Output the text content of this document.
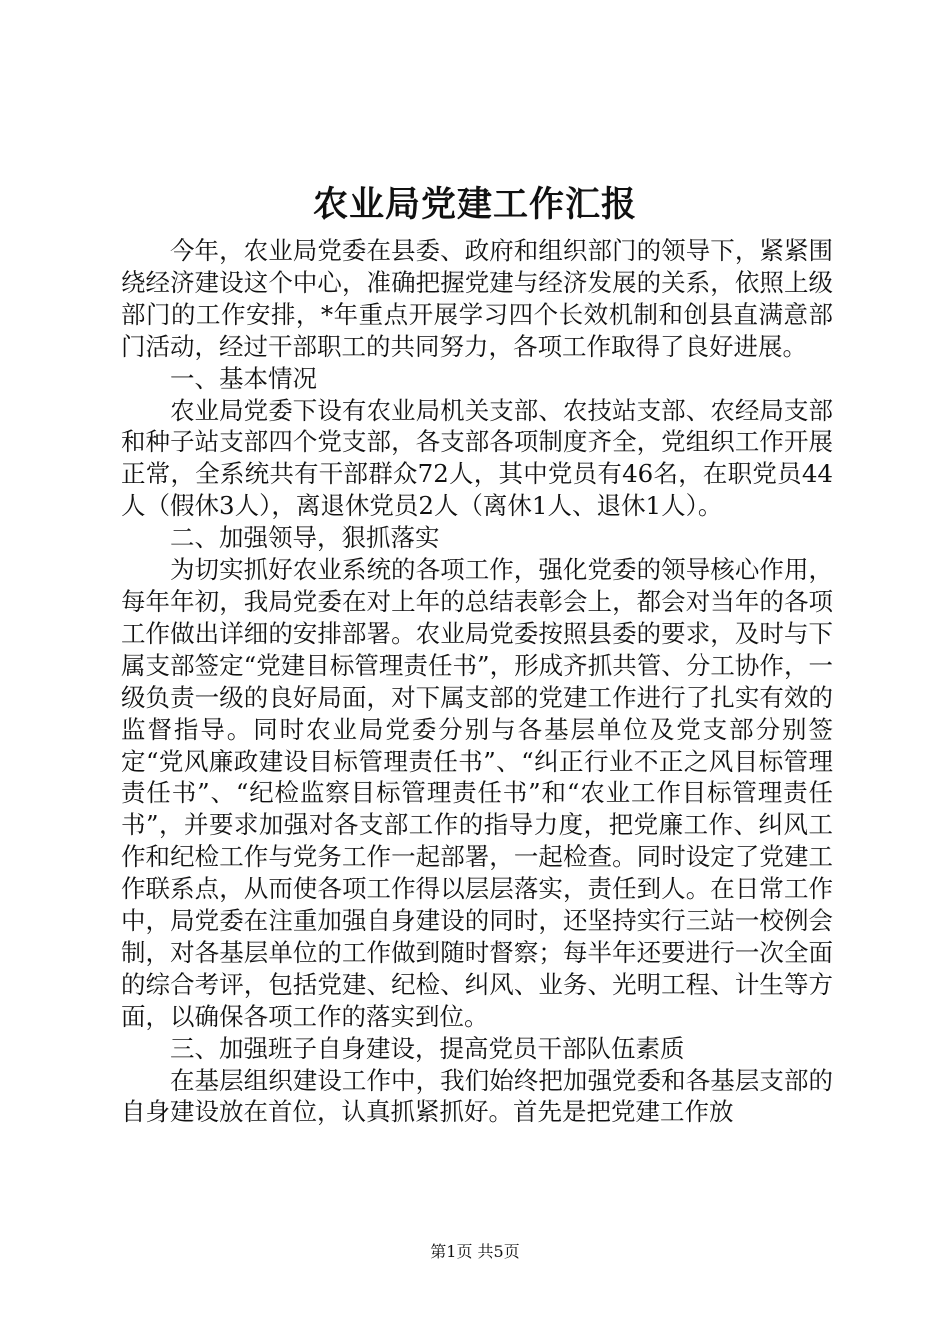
农业局党建工作汇报

今年，农业局党委在县委、政府和组织部门的领导下，紧紧围绕经济建设这个中心，准确把握党建与经济发展的关系，依照上级部门的工作安排，*年重点开展学习四个长效机制和创县直满意部门活动，经过干部职工的共同努力，各项工作取得了良好进展。

一、基本情况

农业局党委下设有农业局机关支部、农技站支部、农经局支部和种子站支部四个党支部，各支部各项制度齐全，党组织工作开展正常，全系统共有干部群众72人，其中党员有46名，在职党员44人（假休3人），离退休党员2人（离休1人、退休1人）。

二、加强领导，狠抓落实

为切实抓好农业系统的各项工作，强化党委的领导核心作用，每年年初，我局党委在对上年的总结表彰会上，都会对当年的各项工作做出详细的安排部署。农业局党委按照县委的要求，及时与下属支部签定“党建目标管理责任书”，形成齐抓共管、分工协作，一级负责一级的良好局面，对下属支部的党建工作进行了扎实有效的监督指导。同时农业局党委分别与各基层单位及党支部分别签定“党风廉政建设目标管理责任书”、“纠正行业不正之风目标管理责任书”、“纪检监察目标管理责任书”和“农业工作目标管理责任书”，并要求加强对各支部工作的指导力度，把党廉工作、纠风工作和纪检工作与党务工作一起部署，一起检查。同时设定了党建工作联系点，从而使各项工作得以层层落实，责任到人。在日常工作中，局党委在注重加强自身建设的同时，还坚持实行三站一校例会制，对各基层单位的工作做到随时督察；每半年还要进行一次全面的综合考评，包括党建、纪检、纠风、业务、光明工程、计生等方面，以确保各项工作的落实到位。

三、加强班子自身建设，提高党员干部队伍素质

在基层组织建设工作中，我们始终把加强党委和各基层支部的自身建设放在首位，认真抓紧抓好。首先是把党建工作放

第1页 共5页
